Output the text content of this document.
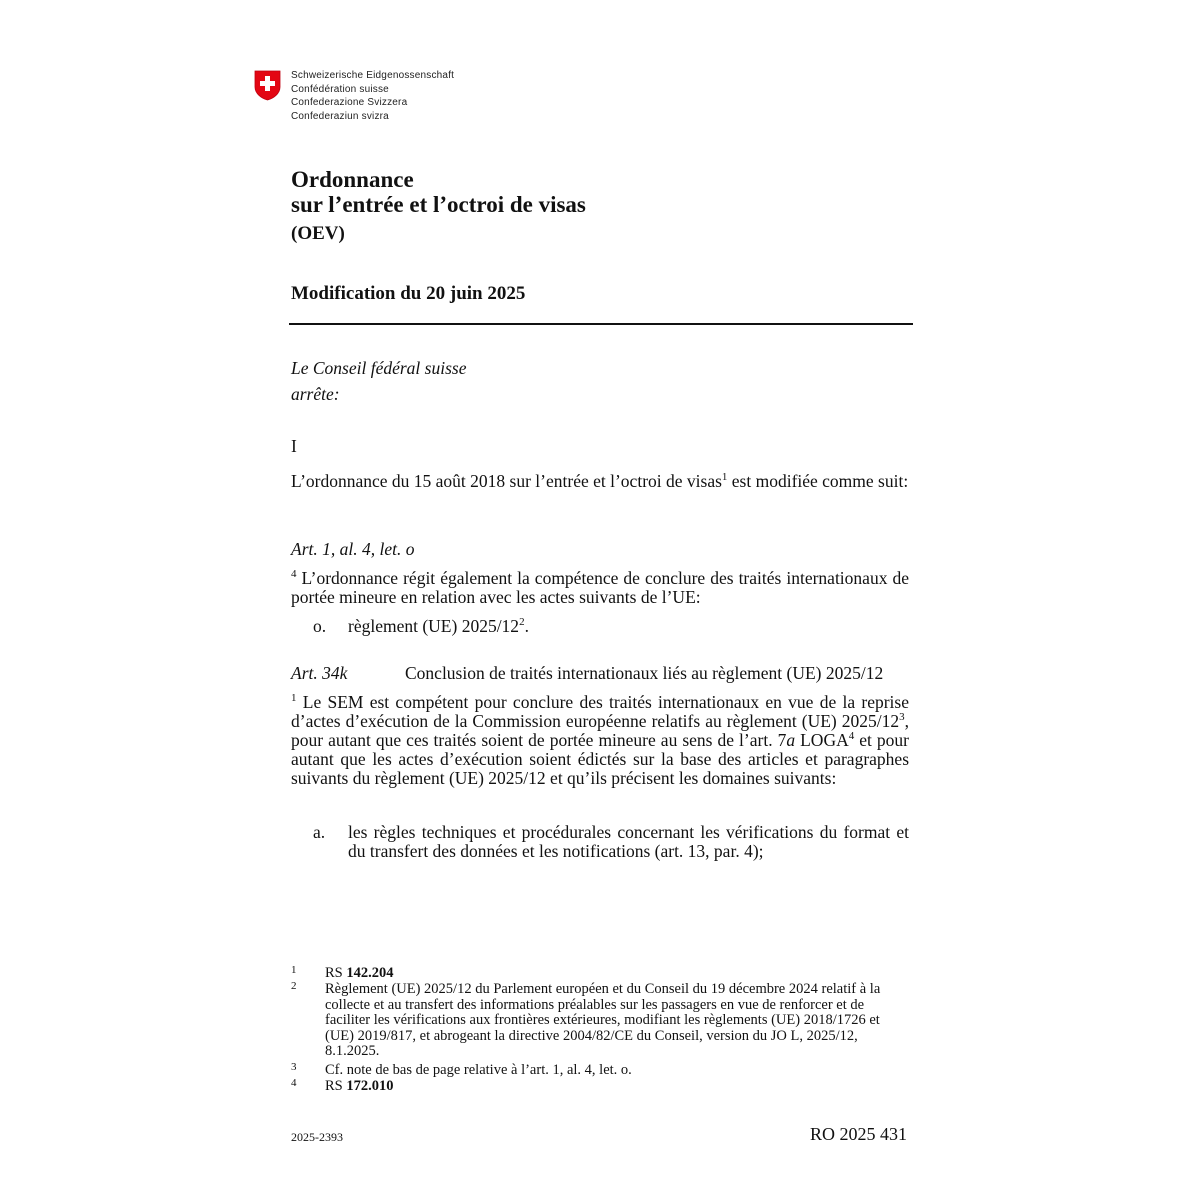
Schweizerische Eidgenossenschaft
Confédération suisse
Confederazione Svizzera
Confederaziun svizra
Ordonnance
sur l’entrée et l’octroi de visas
(OEV)
Modification du 20 juin 2025
Le Conseil fédéral suisse
arrête:
I
L’ordonnance du 15 août 2018 sur l’entrée et l’octroi de visas$^1$ est modifiée comme suit:
Art. 1, al. 4, let. o
$^4$ L’ordonnance régit également la compétence de conclure des traités internationaux de portée mineure en relation avec les actes suivants de l’UE:
o. règlement (UE) $2025/12^2$.
Art. 34k	Conclusion de traités internationaux liés au règlement (UE) 2025/12
$^1$ Le SEM est compétent pour conclure des traités internationaux en vue de la reprise d’actes d’exécution de la Commission européenne relatifs au règlement (UE) $2025/12^3$, pour autant que ces traités soient de portée mineure au sens de l’art. 7a LOGA$^4$ et pour autant que les actes d’exécution soient édictés sur la base des articles et paragraphes suivants du règlement (UE) 2025/12 et qu’ils précisent les domaines suivants:
a. les règles techniques et procédurales concernant les vérifications du format et du transfert des données et les notifications (art. 13, par. 4);
1 RS 142.204
2 Règlement (UE) 2025/12 du Parlement européen et du Conseil du 19 décembre 2024 relatif à la collecte et au transfert des informations préalables sur les passagers en vue de renforcer et de faciliter les vérifications aux frontières extérieures, modifiant les règlements (UE) 2018/1726 et (UE) 2019/817, et abrogeant la directive 2004/82/CE du Conseil, version du JO L, 2025/12, 8.1.2025.
3 Cf. note de bas de page relative à l’art. 1, al. 4, let. o.
4 RS 172.010
2025-2393	RO 2025 431
